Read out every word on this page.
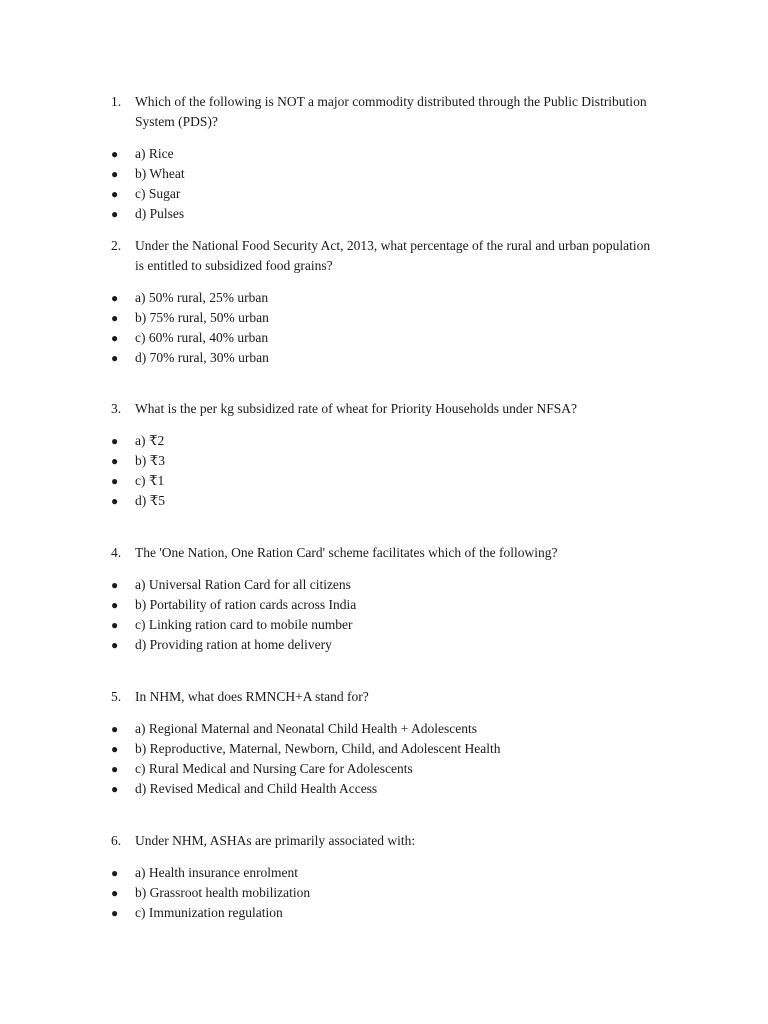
1.	Which of the following is NOT a major commodity distributed through the Public Distribution System (PDS)?
●	a) Rice
●	b) Wheat
●	c) Sugar
●	d) Pulses
2.	Under the National Food Security Act, 2013, what percentage of the rural and urban population is entitled to subsidized food grains?
●	a) 50% rural, 25% urban
●	b) 75% rural, 50% urban
●	c) 60% rural, 40% urban
●	d) 70% rural, 30% urban
3.	What is the per kg subsidized rate of wheat for Priority Households under NFSA?
●	a) ₹2
●	b) ₹3
●	c) ₹1
●	d) ₹5
4.	The 'One Nation, One Ration Card' scheme facilitates which of the following?
●	a) Universal Ration Card for all citizens
●	b) Portability of ration cards across India
●	c) Linking ration card to mobile number
●	d) Providing ration at home delivery
5.	In NHM, what does RMNCH+A stand for?
●	a) Regional Maternal and Neonatal Child Health + Adolescents
●	b) Reproductive, Maternal, Newborn, Child, and Adolescent Health
●	c) Rural Medical and Nursing Care for Adolescents
●	d) Revised Medical and Child Health Access
6.	Under NHM, ASHAs are primarily associated with:
●	a) Health insurance enrolment
●	b) Grassroot health mobilization
●	c) Immunization regulation
